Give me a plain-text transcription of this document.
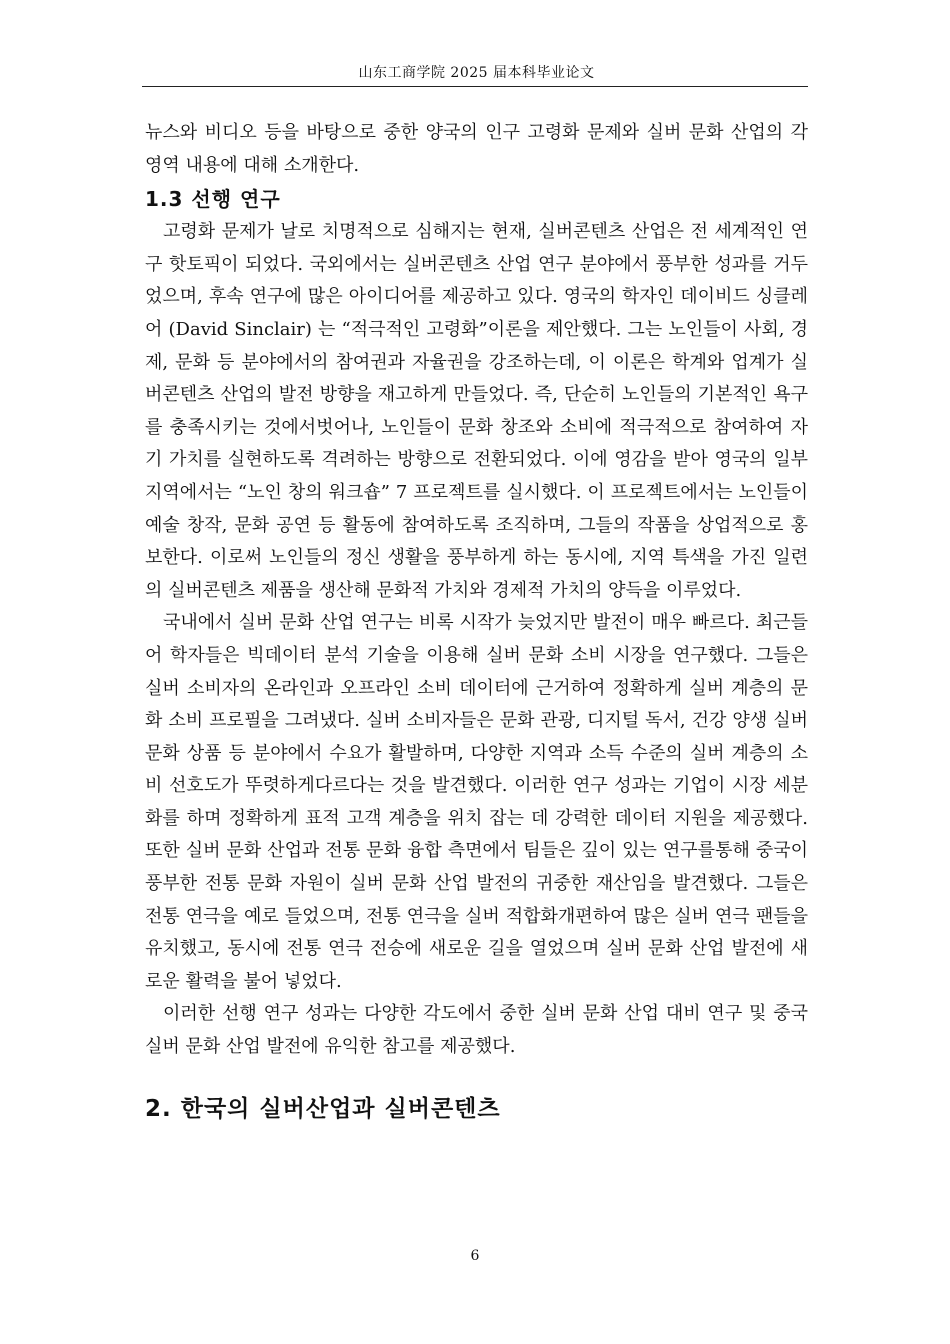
山东工商学院 2025 届本科毕业论文

뉴스와 비디오 등을 바탕으로 중한 양국의 인구 고령화 문제와 실버 문화 산업의 각 영역 내용에 대해 소개한다.

1.3 선행 연구

고령화 문제가 날로 치명적으로 심해지는 현재, 실버콘텐츠 산업은 전 세계적인 연구 핫토픽이 되었다. 국외에서는 실버콘텐츠 산업 연구 분야에서 풍부한 성과를 거두었으며, 후속 연구에 많은 아이디어를 제공하고 있다. 영국의 학자인 데이비드 싱클레어 (David Sinclair) 는 “적극적인 고령화”이론을 제안했다. 그는 노인들이 사회, 경제, 문화 등 분야에서의 참여권과 자율권을 강조하는데, 이 이론은 학계와 업계가 실버콘텐츠 산업의 발전 방향을 재고하게 만들었다. 즉, 단순히 노인들의 기본적인 욕구를 충족시키는 것에서벗어나, 노인들이 문화 창조와 소비에 적극적으로 참여하여 자기 가치를 실현하도록 격려하는 방향으로 전환되었다. 이에 영감을 받아 영국의 일부 지역에서는 “노인 창의 워크숍” 7 프로젝트를 실시했다. 이 프로젝트에서는 노인들이 예술 창작, 문화 공연 등 활동에 참여하도록 조직하며, 그들의 작품을 상업적으로 홍보한다. 이로써 노인들의 정신 생활을 풍부하게 하는 동시에, 지역 특색을 가진 일련의 실버콘텐츠 제품을 생산해 문화적 가치와 경제적 가치의 양득을 이루었다.

국내에서 실버 문화 산업 연구는 비록 시작가 늦었지만 발전이 매우 빠르다. 최근들어 학자들은 빅데이터 분석 기술을 이용해 실버 문화 소비 시장을 연구했다. 그들은 실버 소비자의 온라인과 오프라인 소비 데이터에 근거하여 정확하게 실버 계층의 문화 소비 프로필을 그려냈다. 실버 소비자들은 문화 관광, 디지털 독서, 건강 양생 실버 문화 상품 등 분야에서 수요가 활발하며, 다양한 지역과 소득 수준의 실버 계층의 소비 선호도가 뚜렷하게다르다는 것을 발견했다. 이러한 연구 성과는 기업이 시장 세분화를 하며 정확하게 표적 고객 계층을 위치 잡는 데 강력한 데이터 지원을 제공했다. 또한 실버 문화 산업과 전통 문화 융합 측면에서 팀들은 깊이 있는 연구를통해 중국이 풍부한 전통 문화 자원이 실버 문화 산업 발전의 귀중한 재산임을 발견했다. 그들은 전통 연극을 예로 들었으며, 전통 연극을 실버 적합화개편하여 많은 실버 연극 팬들을 유치했고, 동시에 전통 연극 전승에 새로운 길을 열었으며 실버 문화 산업 발전에 새로운 활력을 불어 넣었다.

이러한 선행 연구 성과는 다양한 각도에서 중한 실버 문화 산업 대비 연구 및 중국 실버 문화 산업 발전에 유익한 참고를 제공했다.

2. 한국의 실버산업과 실버콘텐츠
6
